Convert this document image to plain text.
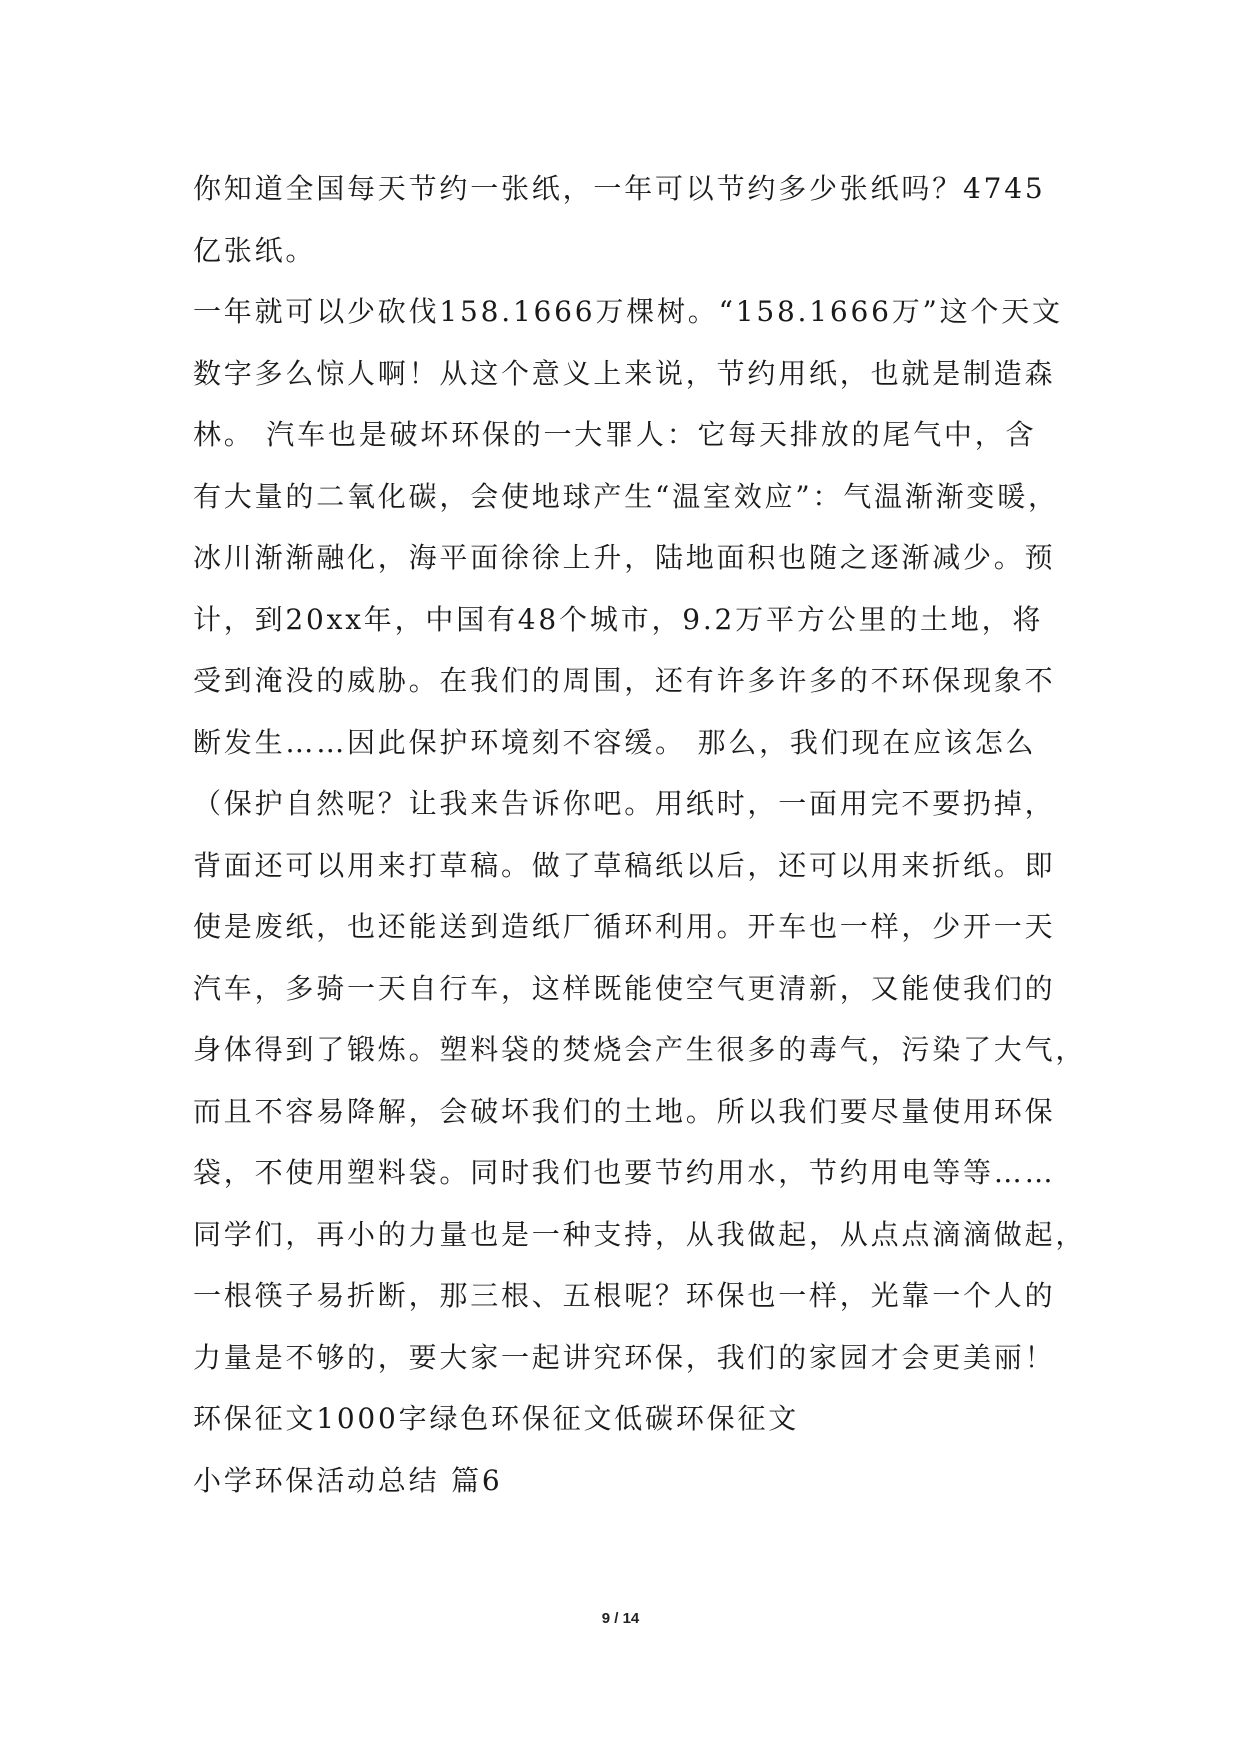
你知道全国每天节约一张纸，一年可以节约多少张纸吗？4745
亿张纸。
一年就可以少砍伐158.1666万棵树。“158.1666万”这个天文
数字多么惊人啊！从这个意义上来说，节约用纸，也就是制造森
林。 汽车也是破坏环保的一大罪人：它每天排放的尾气中，含
有大量的二氧化碳，会使地球产生“温室效应”：气温渐渐变暖，
冰川渐渐融化，海平面徐徐上升，陆地面积也随之逐渐减少。预
计，到20xx年，中国有48个城市，9.2万平方公里的土地，将
受到淹没的威胁。在我们的周围，还有许多许多的不环保现象不
断发生……因此保护环境刻不容缓。 那么，我们现在应该怎么
（保护自然呢？让我来告诉你吧。用纸时，一面用完不要扔掉，
背面还可以用来打草稿。做了草稿纸以后，还可以用来折纸。即
使是废纸，也还能送到造纸厂循环利用。开车也一样，少开一天
汽车，多骑一天自行车，这样既能使空气更清新，又能使我们的
身体得到了锻炼。塑料袋的焚烧会产生很多的毒气，污染了大气，
而且不容易降解，会破坏我们的土地。所以我们要尽量使用环保
袋，不使用塑料袋。同时我们也要节约用水，节约用电等等……
同学们，再小的力量也是一种支持，从我做起，从点点滴滴做起，
一根筷子易折断，那三根、五根呢？环保也一样，光靠一个人的
力量是不够的，要大家一起讲究环保，我们的家园才会更美丽！
环保征文1000字绿色环保征文低碳环保征文
小学环保活动总结 篇6
9 / 14
